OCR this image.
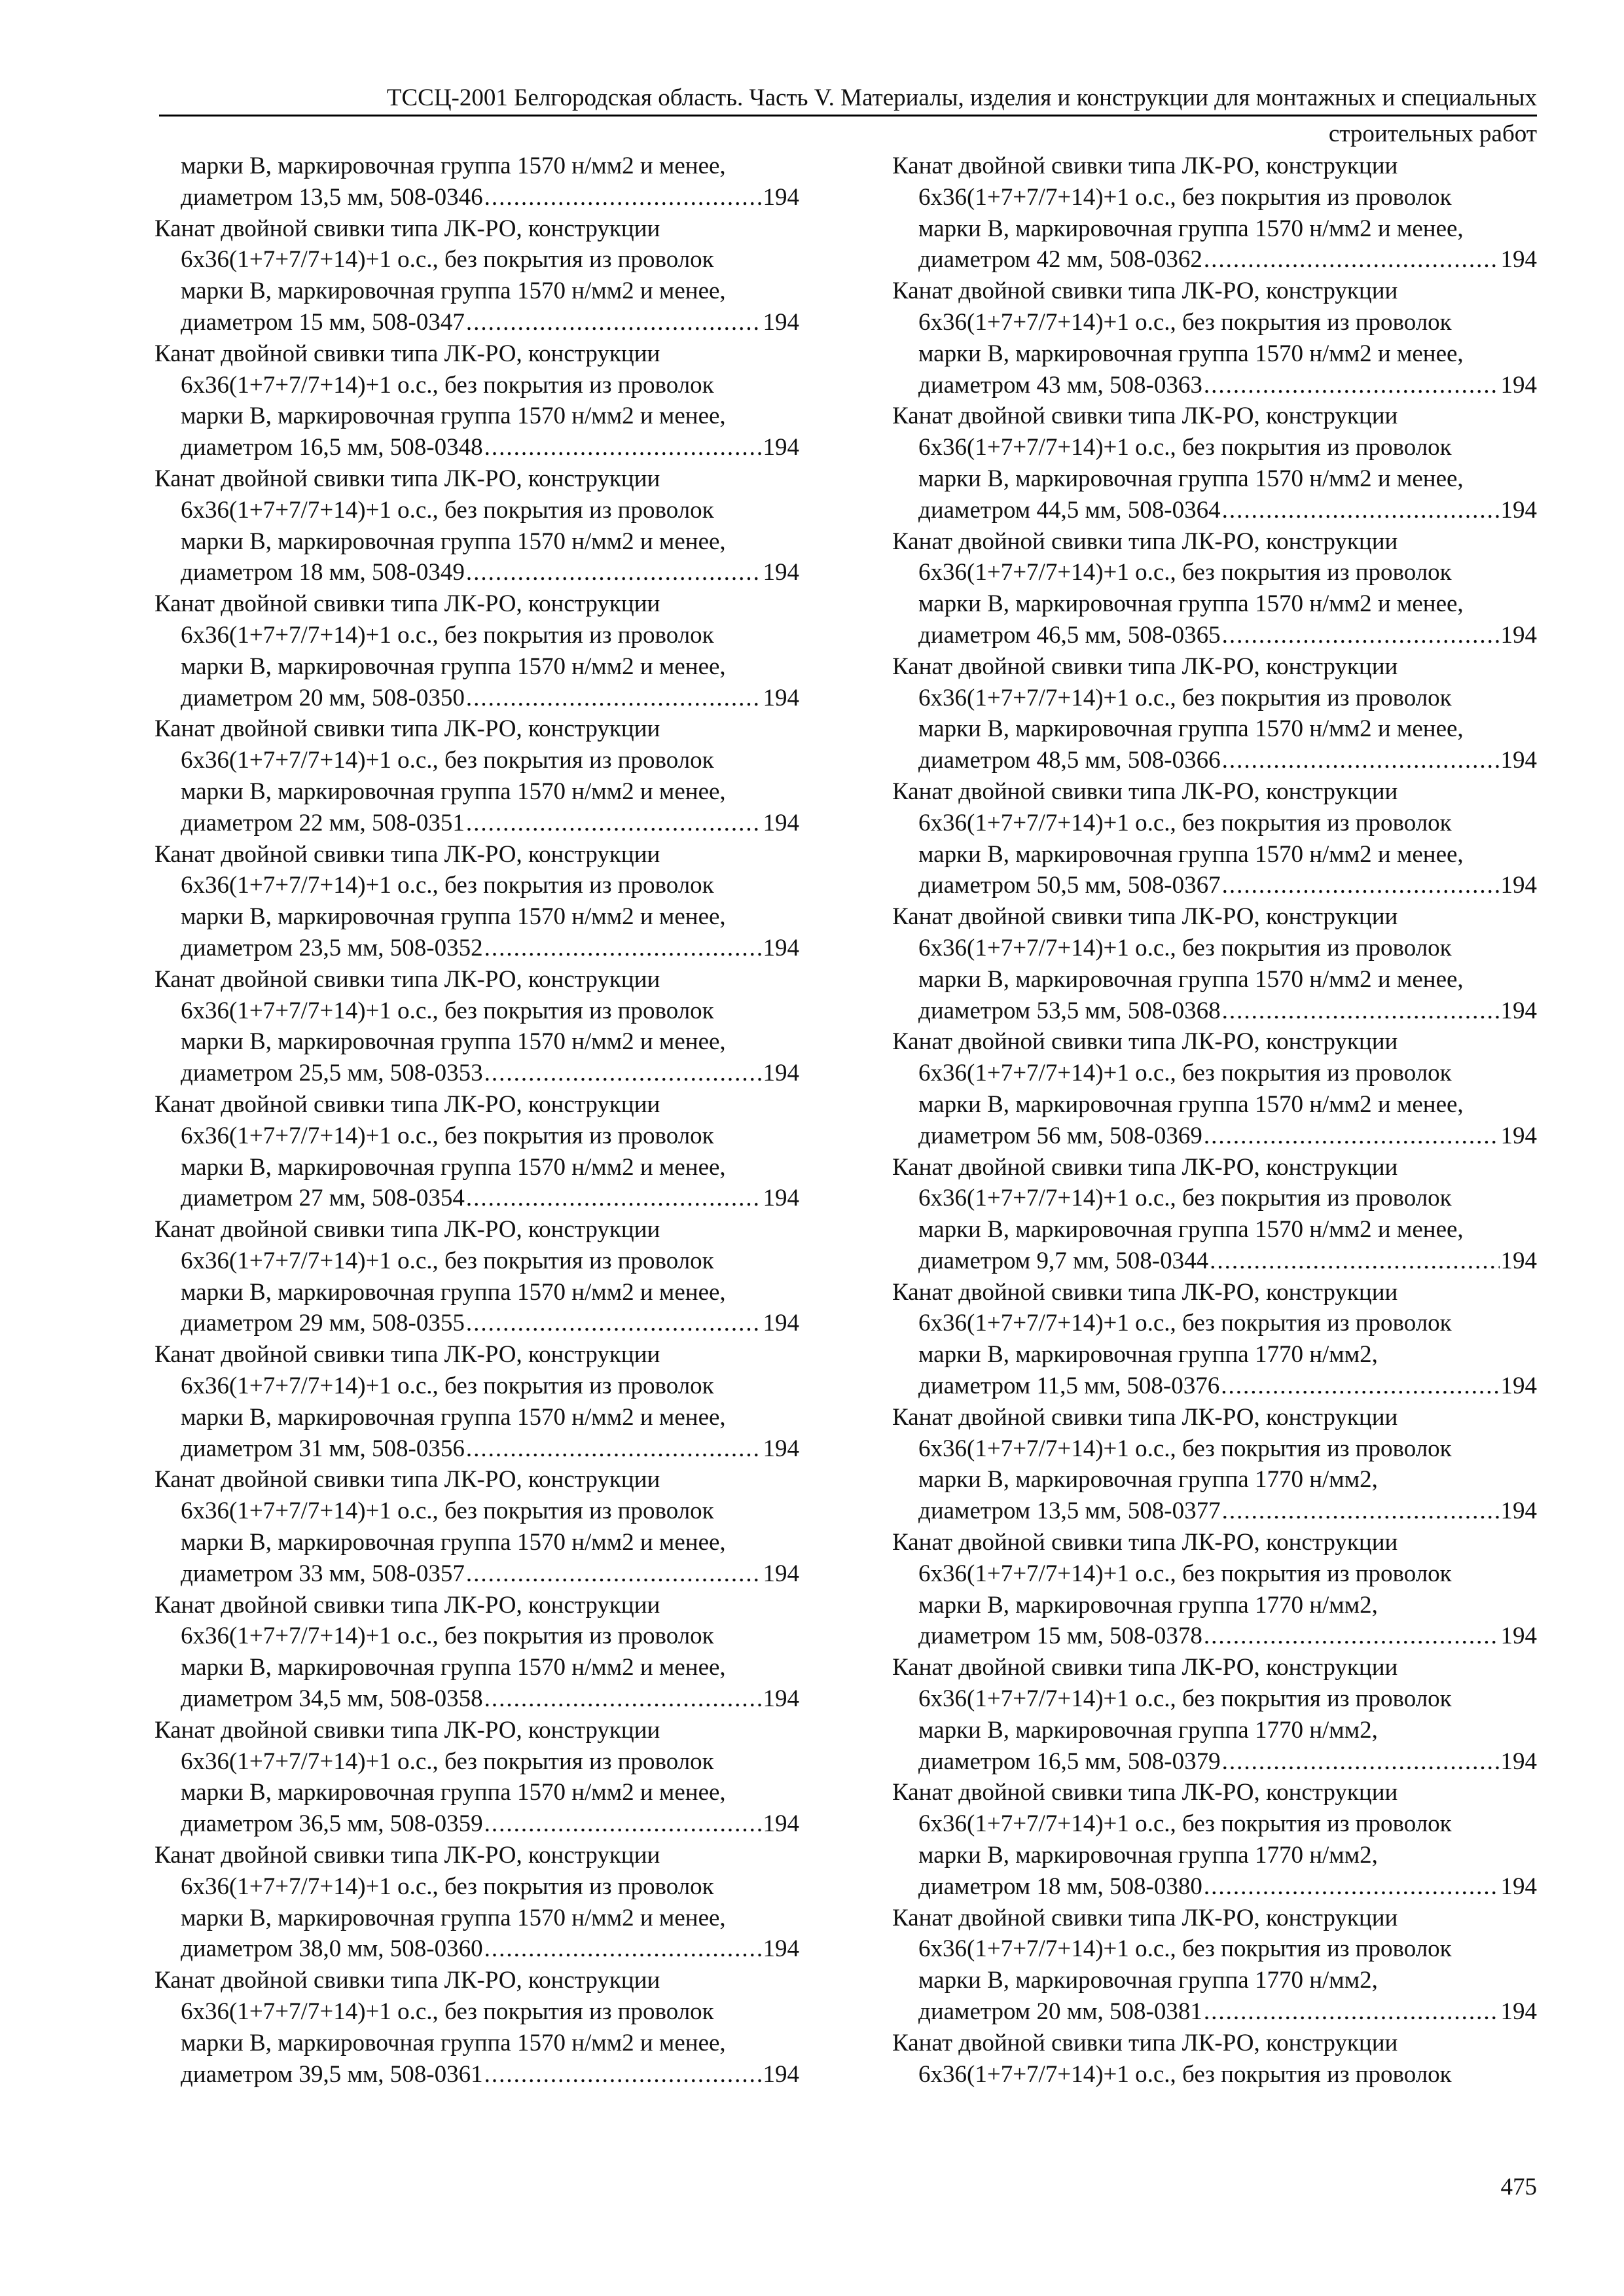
ТССЦ-2001 Белгородская область. Часть V. Материалы, изделия и конструкции для монтажных и специальных
строительных работ
марки В, маркировочная группа 1570 н/мм2 и менее,
диаметром 13,5 мм, 508-0346 .....	194
Канат двойной свивки типа ЛК-РО, конструкции
6х36(1+7+7/7+14)+1 о.с., без покрытия из проволок
марки В, маркировочная группа 1570 н/мм2 и менее,
диаметром 15 мм, 508-0347 .....	194
Канат двойной свивки типа ЛК-РО, конструкции
6х36(1+7+7/7+14)+1 о.с., без покрытия из проволок
марки В, маркировочная группа 1570 н/мм2 и менее,
диаметром 16,5 мм, 508-0348 .....	194
Канат двойной свивки типа ЛК-РО, конструкции
6х36(1+7+7/7+14)+1 о.с., без покрытия из проволок
марки В, маркировочная группа 1570 н/мм2 и менее,
диаметром 18 мм, 508-0349 .....	194
Канат двойной свивки типа ЛК-РО, конструкции
6х36(1+7+7/7+14)+1 о.с., без покрытия из проволок
марки В, маркировочная группа 1570 н/мм2 и менее,
диаметром 20 мм, 508-0350 .....	194
Канат двойной свивки типа ЛК-РО, конструкции
6х36(1+7+7/7+14)+1 о.с., без покрытия из проволок
марки В, маркировочная группа 1570 н/мм2 и менее,
диаметром 22 мм, 508-0351 .....	194
Канат двойной свивки типа ЛК-РО, конструкции
6х36(1+7+7/7+14)+1 о.с., без покрытия из проволок
марки В, маркировочная группа 1570 н/мм2 и менее,
диаметром 23,5 мм, 508-0352 .....	194
Канат двойной свивки типа ЛК-РО, конструкции
6х36(1+7+7/7+14)+1 о.с., без покрытия из проволок
марки В, маркировочная группа 1570 н/мм2 и менее,
диаметром 25,5 мм, 508-0353 .....	194
Канат двойной свивки типа ЛК-РО, конструкции
6х36(1+7+7/7+14)+1 о.с., без покрытия из проволок
марки В, маркировочная группа 1570 н/мм2 и менее,
диаметром 27 мм, 508-0354 .....	194
Канат двойной свивки типа ЛК-РО, конструкции
6х36(1+7+7/7+14)+1 о.с., без покрытия из проволок
марки В, маркировочная группа 1570 н/мм2 и менее,
диаметром 29 мм, 508-0355 .....	194
Канат двойной свивки типа ЛК-РО, конструкции
6х36(1+7+7/7+14)+1 о.с., без покрытия из проволок
марки В, маркировочная группа 1570 н/мм2 и менее,
диаметром 31 мм, 508-0356 .....	194
Канат двойной свивки типа ЛК-РО, конструкции
6х36(1+7+7/7+14)+1 о.с., без покрытия из проволок
марки В, маркировочная группа 1570 н/мм2 и менее,
диаметром 33 мм, 508-0357 .....	194
Канат двойной свивки типа ЛК-РО, конструкции
6х36(1+7+7/7+14)+1 о.с., без покрытия из проволок
марки В, маркировочная группа 1570 н/мм2 и менее,
диаметром 34,5 мм, 508-0358 .....	194
Канат двойной свивки типа ЛК-РО, конструкции
6х36(1+7+7/7+14)+1 о.с., без покрытия из проволок
марки В, маркировочная группа 1570 н/мм2 и менее,
диаметром 36,5 мм, 508-0359 .....	194
Канат двойной свивки типа ЛК-РО, конструкции
6х36(1+7+7/7+14)+1 о.с., без покрытия из проволок
марки В, маркировочная группа 1570 н/мм2 и менее,
диаметром 38,0 мм, 508-0360 .....	194
Канат двойной свивки типа ЛК-РО, конструкции
6х36(1+7+7/7+14)+1 о.с., без покрытия из проволок
марки В, маркировочная группа 1570 н/мм2 и менее,
диаметром 39,5 мм, 508-0361 .....	194
Канат двойной свивки типа ЛК-РО, конструкции
6х36(1+7+7/7+14)+1 о.с., без покрытия из проволок
марки В, маркировочная группа 1570 н/мм2 и менее,
диаметром 42 мм, 508-0362 .....	194
Канат двойной свивки типа ЛК-РО, конструкции
6х36(1+7+7/7+14)+1 о.с., без покрытия из проволок
марки В, маркировочная группа 1570 н/мм2 и менее,
диаметром 43 мм, 508-0363 .....	194
Канат двойной свивки типа ЛК-РО, конструкции
6х36(1+7+7/7+14)+1 о.с., без покрытия из проволок
марки В, маркировочная группа 1570 н/мм2 и менее,
диаметром 44,5 мм, 508-0364 .....	194
Канат двойной свивки типа ЛК-РО, конструкции
6х36(1+7+7/7+14)+1 о.с., без покрытия из проволок
марки В, маркировочная группа 1570 н/мм2 и менее,
диаметром 46,5 мм, 508-0365 .....	194
Канат двойной свивки типа ЛК-РО, конструкции
6х36(1+7+7/7+14)+1 о.с., без покрытия из проволок
марки В, маркировочная группа 1570 н/мм2 и менее,
диаметром 48,5 мм, 508-0366 .....	194
Канат двойной свивки типа ЛК-РО, конструкции
6х36(1+7+7/7+14)+1 о.с., без покрытия из проволок
марки В, маркировочная группа 1570 н/мм2 и менее,
диаметром 50,5 мм, 508-0367 .....	194
Канат двойной свивки типа ЛК-РО, конструкции
6х36(1+7+7/7+14)+1 о.с., без покрытия из проволок
марки В, маркировочная группа 1570 н/мм2 и менее,
диаметром 53,5 мм, 508-0368 .....	194
Канат двойной свивки типа ЛК-РО, конструкции
6х36(1+7+7/7+14)+1 о.с., без покрытия из проволок
марки В, маркировочная группа 1570 н/мм2 и менее,
диаметром 56 мм, 508-0369 .....	194
Канат двойной свивки типа ЛК-РО, конструкции
6х36(1+7+7/7+14)+1 о.с., без покрытия из проволок
марки В, маркировочная группа 1570 н/мм2 и менее,
диаметром 9,7 мм, 508-0344 .....	194
Канат двойной свивки типа ЛК-РО, конструкции
6х36(1+7+7/7+14)+1 о.с., без покрытия из проволок
марки В, маркировочная группа 1770 н/мм2,
диаметром 11,5 мм, 508-0376 .....	194
Канат двойной свивки типа ЛК-РО, конструкции
6х36(1+7+7/7+14)+1 о.с., без покрытия из проволок
марки В, маркировочная группа 1770 н/мм2,
диаметром 13,5 мм, 508-0377 .....	194
Канат двойной свивки типа ЛК-РО, конструкции
6х36(1+7+7/7+14)+1 о.с., без покрытия из проволок
марки В, маркировочная группа 1770 н/мм2,
диаметром 15 мм, 508-0378 .....	194
Канат двойной свивки типа ЛК-РО, конструкции
6х36(1+7+7/7+14)+1 о.с., без покрытия из проволок
марки В, маркировочная группа 1770 н/мм2,
диаметром 16,5 мм, 508-0379 .....	194
Канат двойной свивки типа ЛК-РО, конструкции
6х36(1+7+7/7+14)+1 о.с., без покрытия из проволок
марки В, маркировочная группа 1770 н/мм2,
диаметром 18 мм, 508-0380 .....	194
Канат двойной свивки типа ЛК-РО, конструкции
6х36(1+7+7/7+14)+1 о.с., без покрытия из проволок
марки В, маркировочная группа 1770 н/мм2,
диаметром 20 мм, 508-0381 .....	194
Канат двойной свивки типа ЛК-РО, конструкции
6х36(1+7+7/7+14)+1 о.с., без покрытия из проволок
475
